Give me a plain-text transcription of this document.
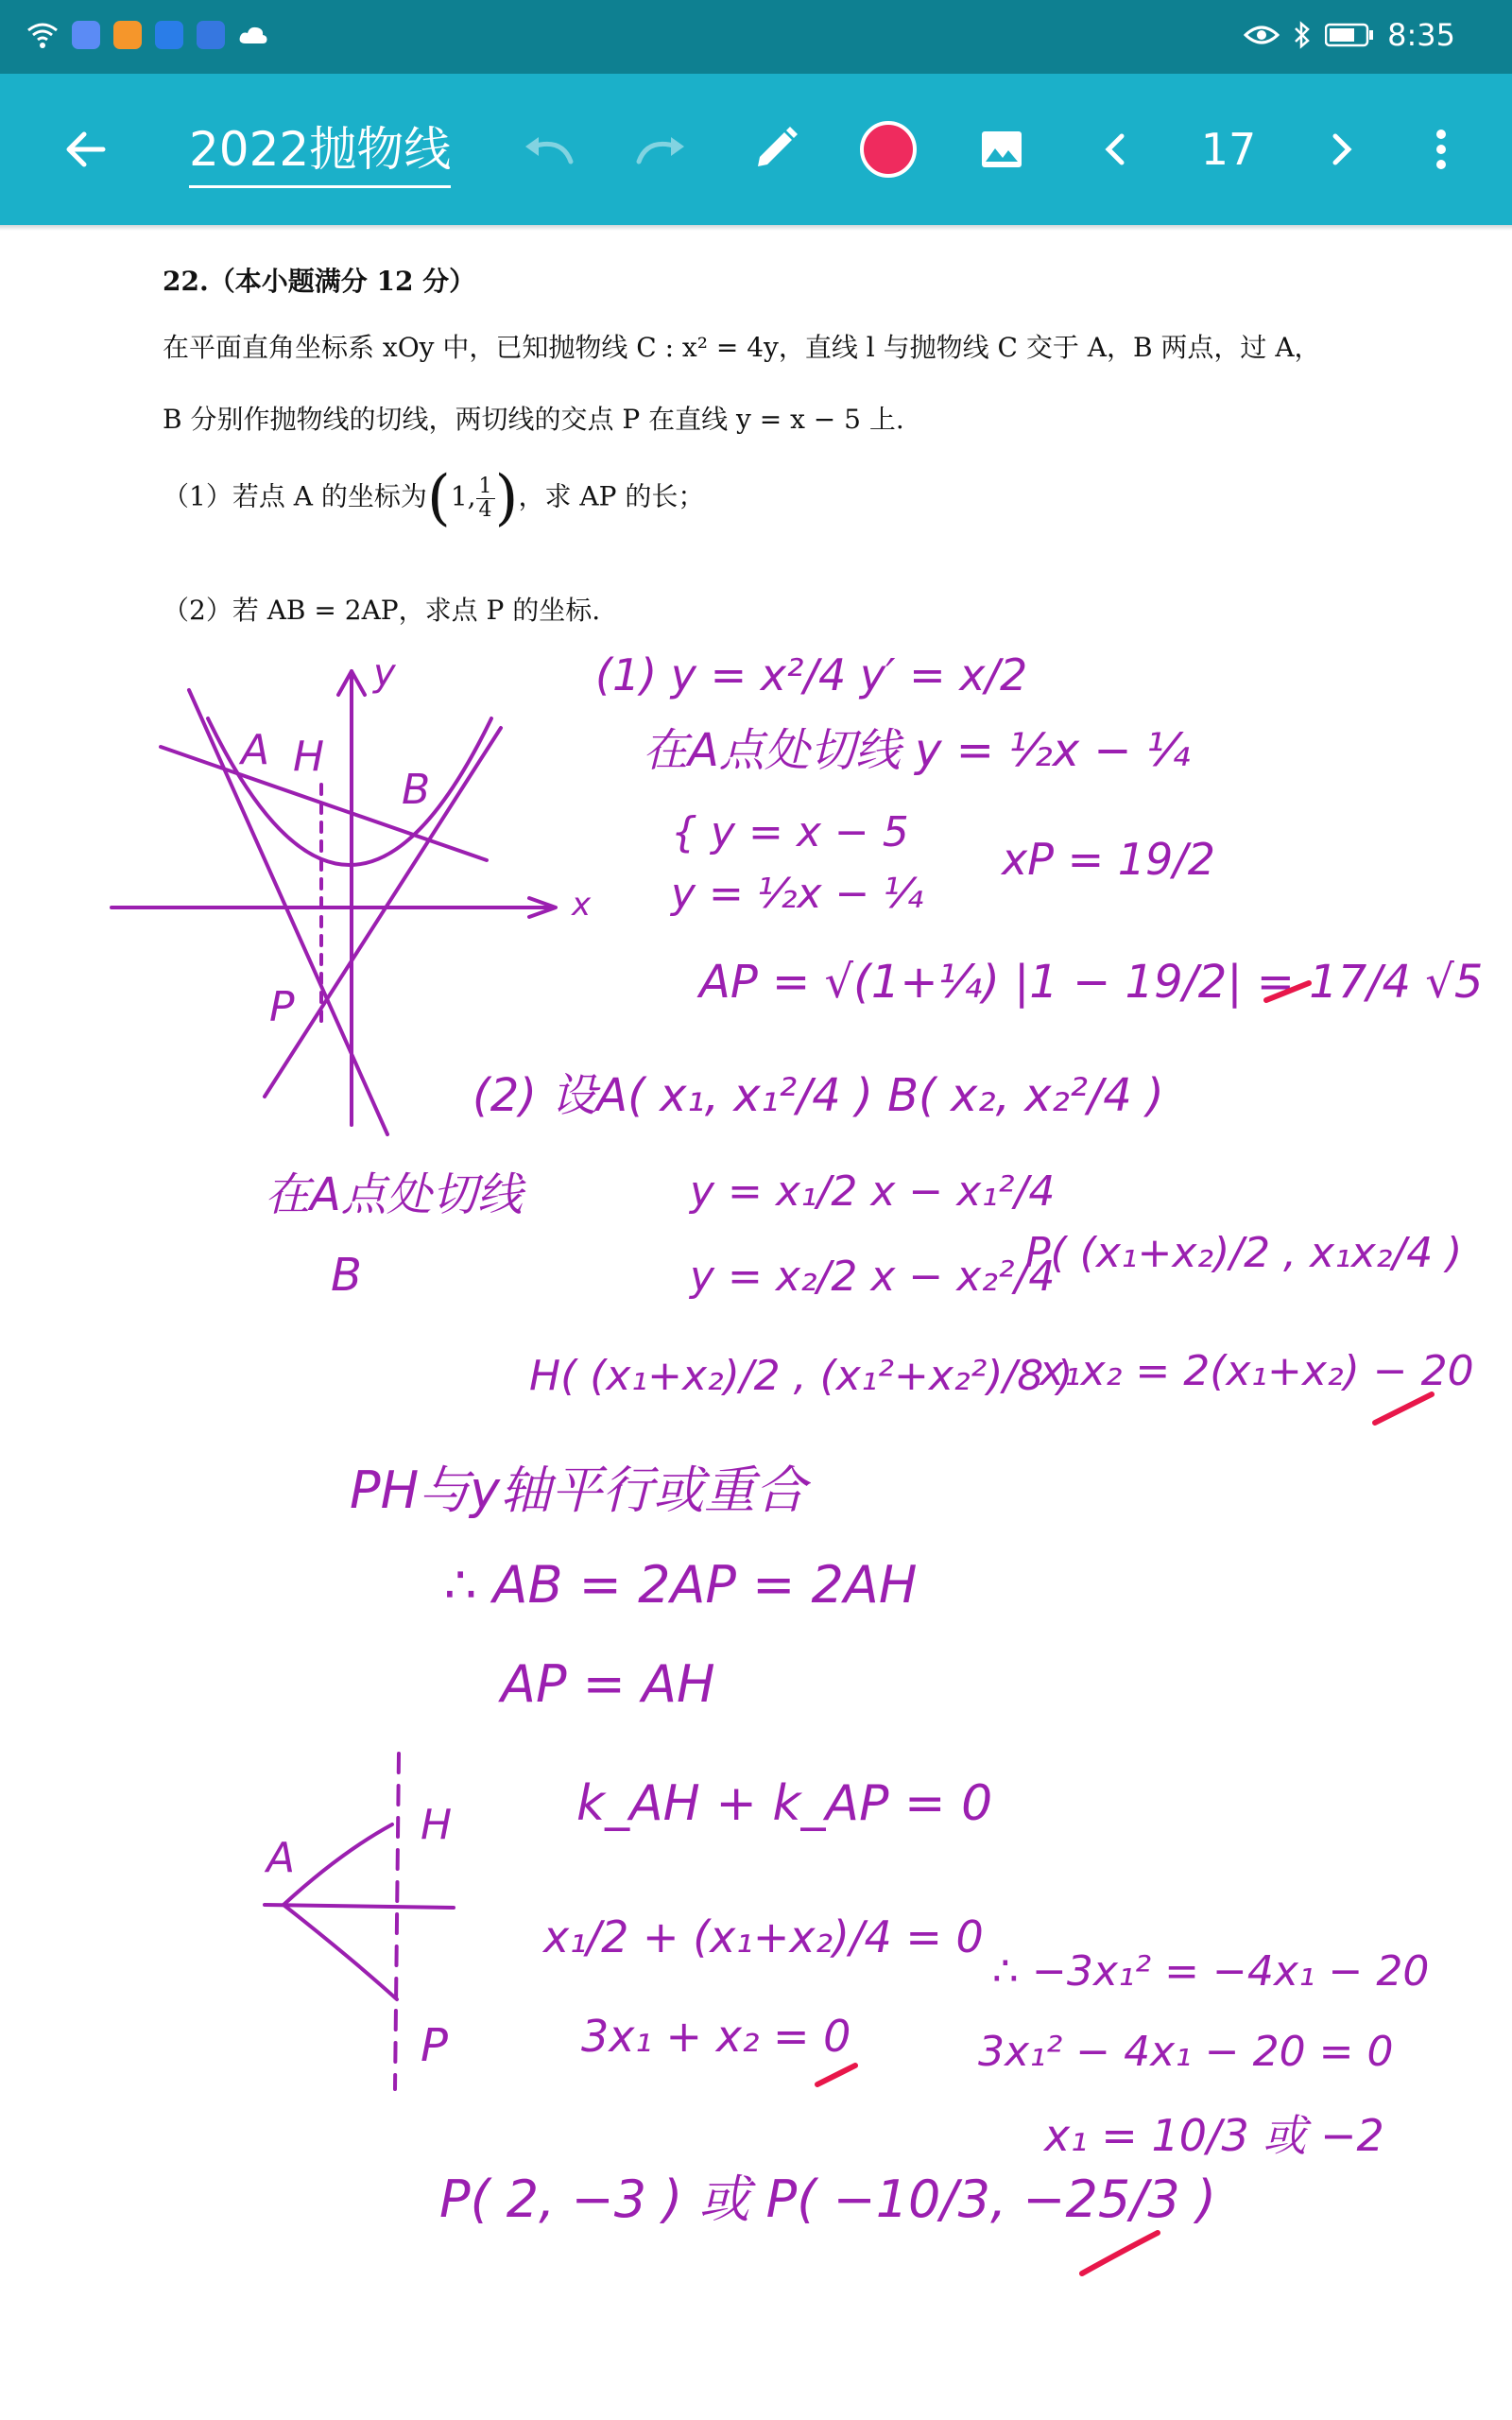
8:35
2022抛物线	17

22.（本小题满分 12 分）

在平面直角坐标系 xOy 中，已知抛物线 C : x² = 4y，直线 l 与抛物线 C 交于 A，B 两点，过 A，

B 分别作抛物线的切线，两切线的交点 P 在直线 y = x − 5 上.

（1）若点 A 的坐标为(1, $\frac{1}{4}$ )，求 AP 的长；

（2）若 AB = 2AP，求点 P 的坐标.

y
x
A H
B
P
(1) y = x²/4 y′ = x/2
在A点处切线 y = ½x − ¼
{ y = x − 5
y = ½x − ¼
xP = 19/2
AP = √(1+¼) |1 − 19/2| = 17/4 √5
(2) 设A( x₁, x₁²/4 ) B( x₂, x₂²/4 )
在A点处切线
B
y = x₁/2 x − x₁²/4
y = x₂/2 x − x₂²/4
P( (x₁+x₂)/2 , x₁x₂/4 )
H( (x₁+x₂)/2 , (x₁²+x₂²)/8 )
x₁x₂ = 2(x₁+x₂) − 20
PH与y轴平行或重合
∴ AB = 2AP = 2AH
AP = AH
A
H
P
k_AH + k_AP = 0
x₁/2 + (x₁+x₂)/4 = 0
3x₁ + x₂ = 0
∴ −3x₁² = −4x₁ − 20
3x₁² − 4x₁ − 20 = 0
x₁ = 10/3 或 −2
P( 2, −3 ) 或 P( −10/3, −25/3 )
